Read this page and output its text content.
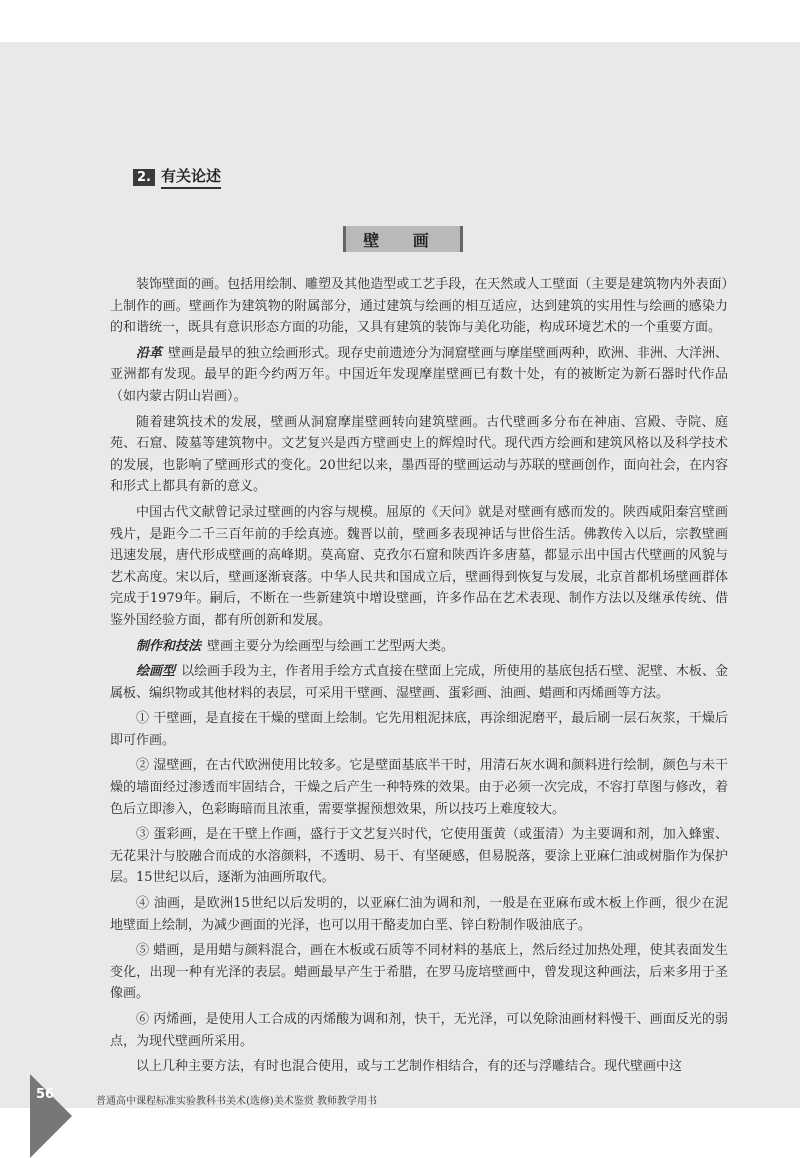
2. 有关论述
壁 画

装饰壁面的画。包括用绘制、雕塑及其他造型或工艺手段，在天然或人工壁面（主要是建筑物内外表面）上制作的画。壁画作为建筑物的附属部分，通过建筑与绘画的相互适应，达到建筑的实用性与绘画的感染力的和谐统一，既具有意识形态方面的功能，又具有建筑的装饰与美化功能，构成环境艺术的一个重要方面。

沿革 壁画是最早的独立绘画形式。现存史前遗迹分为洞窟壁画与摩崖壁画两种，欧洲、非洲、大洋洲、亚洲都有发现。最早的距今约两万年。中国近年发现摩崖壁画已有数十处，有的被断定为新石器时代作品（如内蒙古阴山岩画）。

随着建筑技术的发展，壁画从洞窟摩崖壁画转向建筑壁画。古代壁画多分布在神庙、宫殿、寺院、庭苑、石窟、陵墓等建筑物中。文艺复兴是西方壁画史上的辉煌时代。现代西方绘画和建筑风格以及科学技术的发展，也影响了壁画形式的变化。20世纪以来，墨西哥的壁画运动与苏联的壁画创作，面向社会，在内容和形式上都具有新的意义。

中国古代文献曾记录过壁画的内容与规模。屈原的《天问》就是对壁画有感而发的。陕西咸阳秦宫壁画残片，是距今二千三百年前的手绘真迹。魏晋以前，壁画多表现神话与世俗生活。佛教传入以后，宗教壁画迅速发展，唐代形成壁画的高峰期。莫高窟、克孜尔石窟和陕西许多唐墓，都显示出中国古代壁画的风貌与艺术高度。宋以后，壁画逐渐衰落。中华人民共和国成立后，壁画得到恢复与发展，北京首都机场壁画群体完成于1979年。嗣后，不断在一些新建筑中增设壁画，许多作品在艺术表现、制作方法以及继承传统、借鉴外国经验方面，都有所创新和发展。

制作和技法 壁画主要分为绘画型与绘画工艺型两大类。

绘画型 以绘画手段为主，作者用手绘方式直接在壁面上完成，所使用的基底包括石壁、泥壁、木板、金属板、编织物或其他材料的表层，可采用干壁画、湿壁画、蛋彩画、油画、蜡画和丙烯画等方法。

① 干壁画，是直接在干燥的壁面上绘制。它先用粗泥抹底，再涂细泥磨平，最后刷一层石灰浆，干燥后即可作画。

② 湿壁画，在古代欧洲使用比较多。它是壁面基底半干时，用清石灰水调和颜料进行绘制，颜色与未干燥的墙面经过渗透而牢固结合，干燥之后产生一种特殊的效果。由于必须一次完成，不容打草图与修改，着色后立即渗入，色彩晦暗而且浓重，需要掌握预想效果，所以技巧上难度较大。

③ 蛋彩画，是在干壁上作画，盛行于文艺复兴时代，它使用蛋黄（或蛋清）为主要调和剂，加入蜂蜜、无花果汁与胶融合而成的水溶颜料，不透明、易干、有坚硬感，但易脱落，要涂上亚麻仁油或树脂作为保护层。15世纪以后，逐渐为油画所取代。

④ 油画，是欧洲15世纪以后发明的，以亚麻仁油为调和剂，一般是在亚麻布或木板上作画，很少在泥地壁面上绘制，为减少画面的光泽，也可以用干酪麦加白垩、锌白粉制作吸油底子。

⑤ 蜡画，是用蜡与颜料混合，画在木板或石质等不同材料的基底上，然后经过加热处理，使其表面发生变化，出现一种有光泽的表层。蜡画最早产生于希腊，在罗马庞培壁画中，曾发现这种画法，后来多用于圣像画。

⑥ 丙烯画，是使用人工合成的丙烯酸为调和剂，快干，无光泽，可以免除油画材料慢干、画面反光的弱点，为现代壁画所采用。

以上几种主要方法，有时也混合使用，或与工艺制作相结合，有的还与浮雕结合。现代壁画中这

56	普通高中课程标准实验教科书美术(选修)美术鉴赏 教师教学用书
